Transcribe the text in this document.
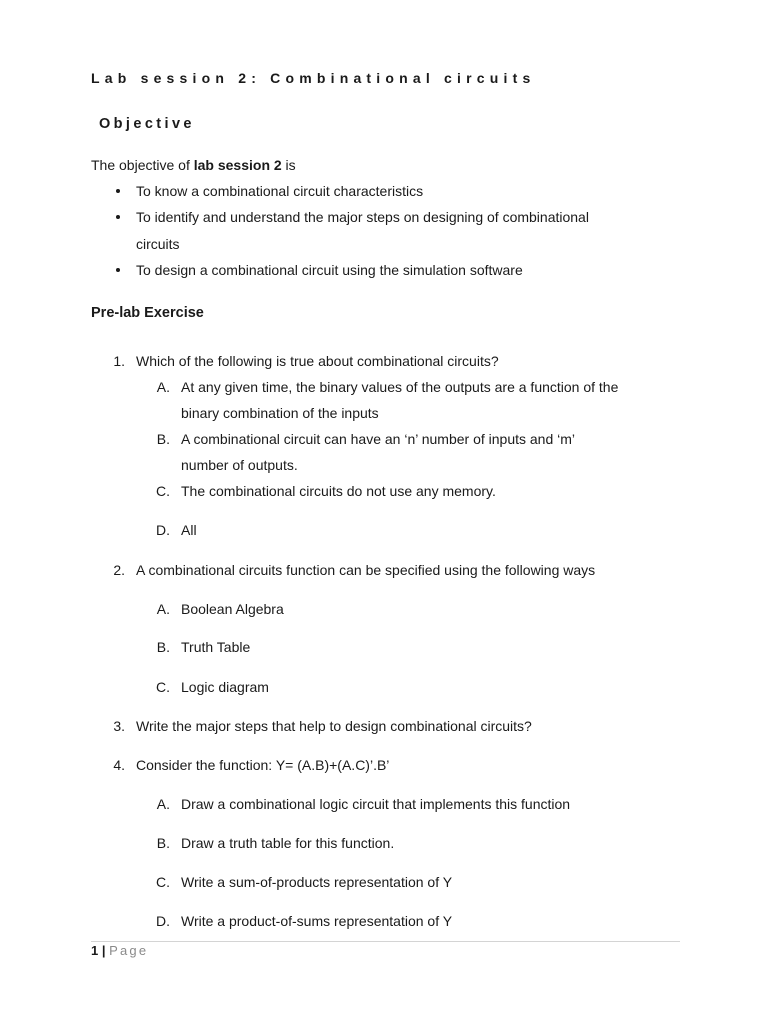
Lab session 2: Combinational circuits
Objective
The objective of lab session 2 is
To know a combinational circuit characteristics
To identify and understand the major steps on designing of combinational
circuits
To design a combinational circuit using the simulation software
Pre-lab Exercise
1. Which of the following is true about combinational circuits?
A. At any given time, the binary values of the outputs are a function of the
binary combination of the inputs
B. A combinational circuit can have an ‘n’ number of inputs and ‘m’
number of outputs.
C. The combinational circuits do not use any memory.
D. All
2. A combinational circuits function can be specified using the following ways
A. Boolean Algebra
B. Truth Table
C. Logic diagram
3. Write the major steps that help to design combinational circuits?
4. Consider the function: Y= (A.B)+(A.C)’.B’
A. Draw a combinational logic circuit that implements this function
B. Draw a truth table for this function.
C. Write a sum-of-products representation of Y
D. Write a product-of-sums representation of Y
1 | Page
